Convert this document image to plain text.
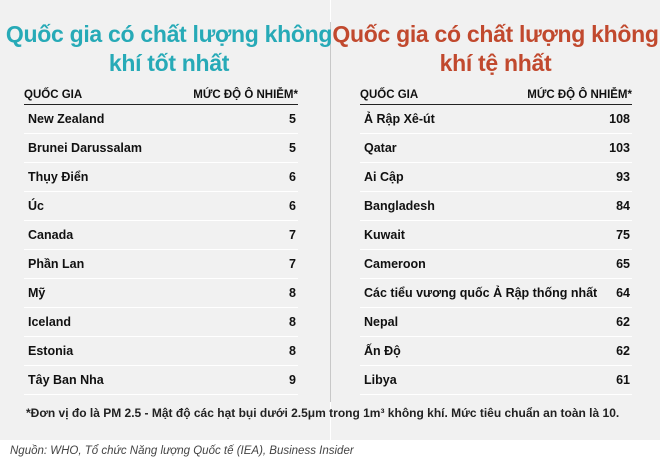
Quốc gia có chất lượng không khí tốt nhất
Quốc gia có chất lượng không khí tệ nhất
QUỐC GIA	MỨC ĐỘ Ô NHIỄM*
New Zealand	5
Brunei Darussalam	5
Thụy Điển	6
Úc	6
Canada	7
Phần Lan	7
Mỹ	8
Iceland	8
Estonia	8
Tây Ban Nha	9
QUỐC GIA	MỨC ĐỘ Ô NHIỄM*
Ả Rập Xê-út	108
Qatar	103
Ai Cập	93
Bangladesh	84
Kuwait	75
Cameroon	65
Các tiểu vương quốc Ả Rập thống nhất 64
Nepal	62
Ấn Độ	62
Libya	61
*Đơn vị đo là PM 2.5 - Mật độ các hạt bụi dưới 2.5μm trong 1m³ không khí. Mức tiêu chuẩn an toàn là 10.
Nguồn: WHO, Tổ chức Năng lượng Quốc tế (IEA), Business Insider
